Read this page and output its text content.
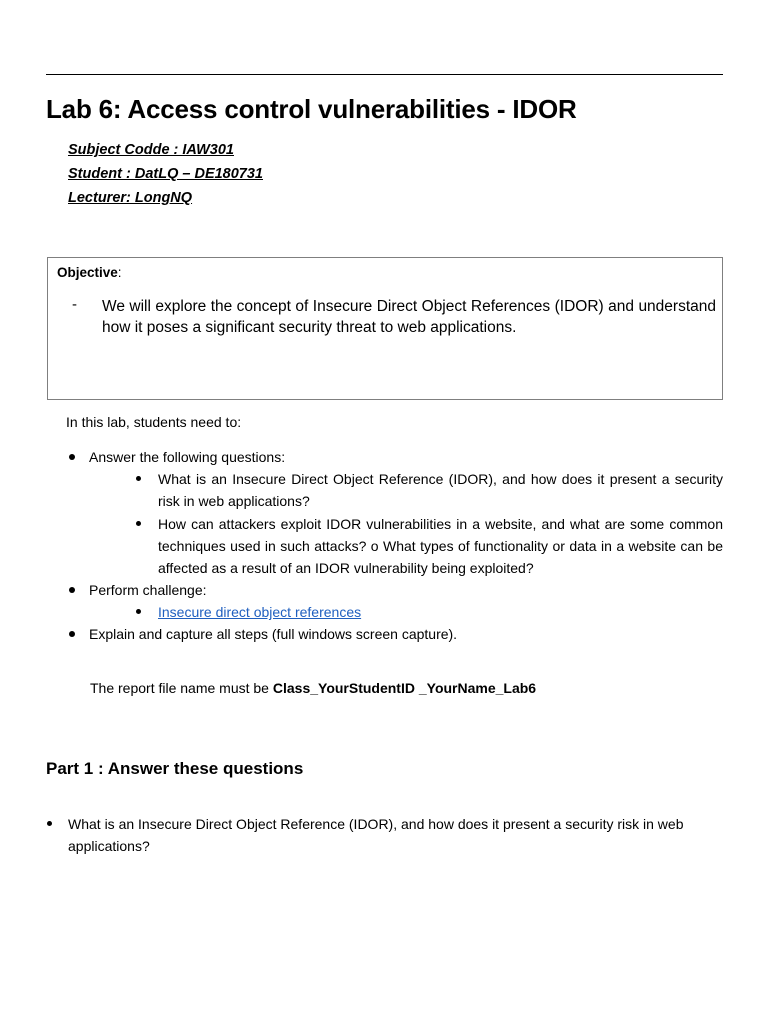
Lab 6: Access control vulnerabilities - IDOR
Subject Codde : IAW301
Student : DatLQ – DE180731
Lecturer: LongNQ
Objective:
- We will explore the concept of Insecure Direct Object References (IDOR) and understand how it poses a significant security threat to web applications.
In this lab, students need to:
Answer the following questions:
What is an Insecure Direct Object Reference (IDOR), and how does it present a security risk in web applications?
How can attackers exploit IDOR vulnerabilities in a website, and what are some common techniques used in such attacks? o What types of functionality or data in a website can be affected as a result of an IDOR vulnerability being exploited?
Perform challenge:
Insecure direct object references
Explain and capture all steps (full windows screen capture).
The report file name must be Class_YourStudentID _YourName_Lab6
Part 1 : Answer these questions
What is an Insecure Direct Object Reference (IDOR), and how does it present a security risk in web applications?
